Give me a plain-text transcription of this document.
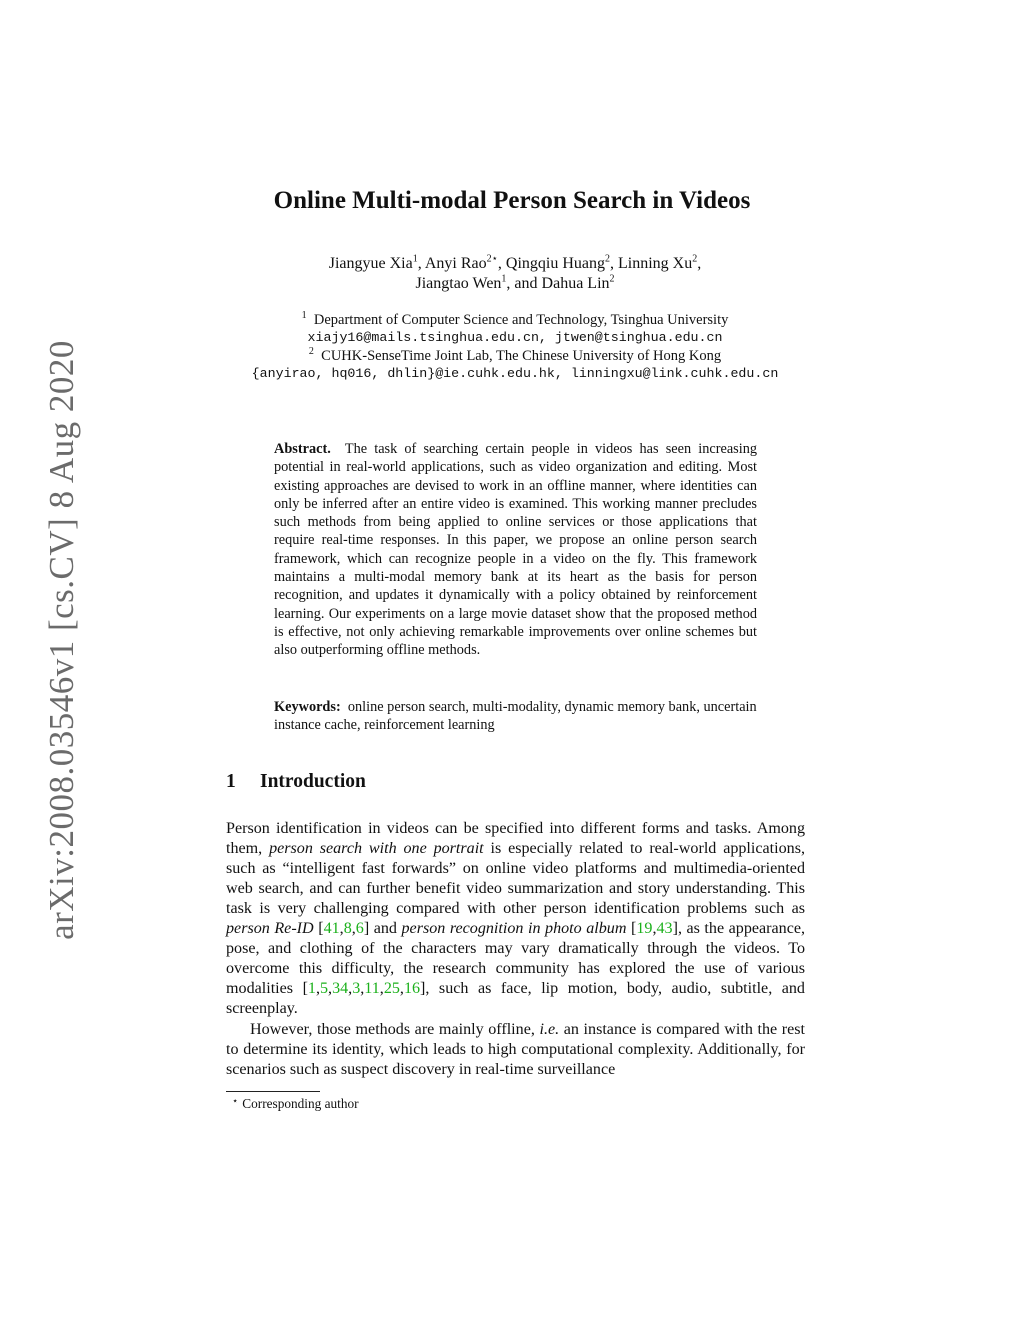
arXiv:2008.03546v1 [cs.CV] 8 Aug 2020
Online Multi-modal Person Search in Videos
Jiangyue Xia$^1$, Anyi Rao$^{2⋆}$, Qingqiu Huang$^2$, Linning Xu$^2$,
Jiangtao Wen$^1$, and Dahua Lin$^2$
$^1$ Department of Computer Science and Technology, Tsinghua University
xiajy16@mails.tsinghua.edu.cn, jtwen@tsinghua.edu.cn
$^2$ CUHK-SenseTime Joint Lab, The Chinese University of Hong Kong
{anyirao, hq016, dhlin}@ie.cuhk.edu.hk, linningxu@link.cuhk.edu.cn
Abstract. The task of searching certain people in videos has seen increasing potential in real-world applications, such as video organization and editing. Most existing approaches are devised to work in an offline manner, where identities can only be inferred after an entire video is examined. This working manner precludes such methods from being applied to online services or those applications that require real-time responses. In this paper, we propose an online person search framework, which can recognize people in a video on the fly. This framework maintains a multi-modal memory bank at its heart as the basis for person recognition, and updates it dynamically with a policy obtained by reinforcement learning. Our experiments on a large movie dataset show that the proposed method is effective, not only achieving remarkable improvements over online schemes but also outperforming offline methods.
Keywords: online person search, multi-modality, dynamic memory bank, uncertain instance cache, reinforcement learning
1 Introduction
Person identification in videos can be specified into different forms and tasks. Among them, person search with one portrait is especially related to real-world applications, such as “intelligent fast forwards” on online video platforms and multimedia-oriented web search, and can further benefit video summarization and story understanding. This task is very challenging compared with other person identification problems such as person Re-ID [41,8,6] and person recognition in photo album [19,43], as the appearance, pose, and clothing of the characters may vary dramatically through the videos. To overcome this difficulty, the research community has explored the use of various modalities [1,5,34,3,11,25,16], such as face, lip motion, body, audio, subtitle, and screenplay.
However, those methods are mainly offline, i.e. an instance is compared with the rest to determine its identity, which leads to high computational complexity. Additionally, for scenarios such as suspect discovery in real-time surveillance
⋆ Corresponding author
